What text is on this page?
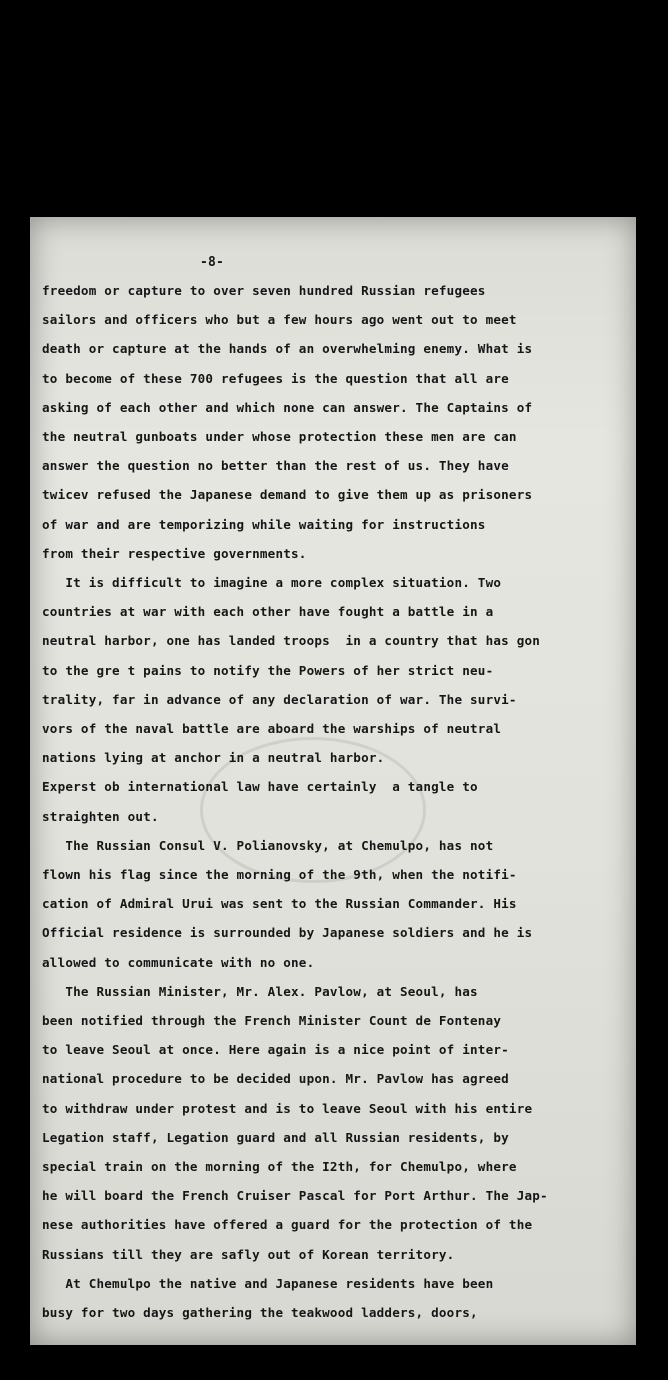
-8-
freedom or capture to over seven hundred Russian refugees
sailors and officers who but a few hours ago went out to meet
death or capture at the hands of an overwhelming enemy. What is
to become of these 700 refugees is the question that all are
asking of each other and which none can answer. The Captains of
the neutral gunboats under whose protection these men are can
answer the question no better than the rest of us. They have
twicev refused the Japanese demand to give them up as prisoners
of war and are temporizing while waiting for instructions
from their respective governments.
It is difficult to imagine a more complex situation. Two
countries at war with each other have fought a battle in a
neutral harbor, one has landed troops  in a country that has gon
to the gre t pains to notify the Powers of her strict neu-
trality, far in advance of any declaration of war. The survi-
vors of the naval battle are aboard the warships of neutral
nations lying at anchor in a neutral harbor.
Experst ob international law have certainly  a tangle to
straighten out.
The Russian Consul V. Polianovsky, at Chemulpo, has not
flown his flag since the morning of the 9th, when the notifi-
cation of Admiral Urui was sent to the Russian Commander. His
Official residence is surrounded by Japanese soldiers and he is
allowed to communicate with no one.
The Russian Minister, Mr. Alex. Pavlow, at Seoul, has
been notified through the French Minister Count de Fontenay
to leave Seoul at once. Here again is a nice point of inter-
national procedure to be decided upon. Mr. Pavlow has agreed
to withdraw under protest and is to leave Seoul with his entire
Legation staff, Legation guard and all Russian residents, by
special train on the morning of the I2th, for Chemulpo, where
he will board the French Cruiser Pascal for Port Arthur. The Jap-
nese authorities have offered a guard for the protection of the
Russians till they are safly out of Korean territory.
At Chemulpo the native and Japanese residents have been
busy for two days gathering the teakwood ladders, doors,
